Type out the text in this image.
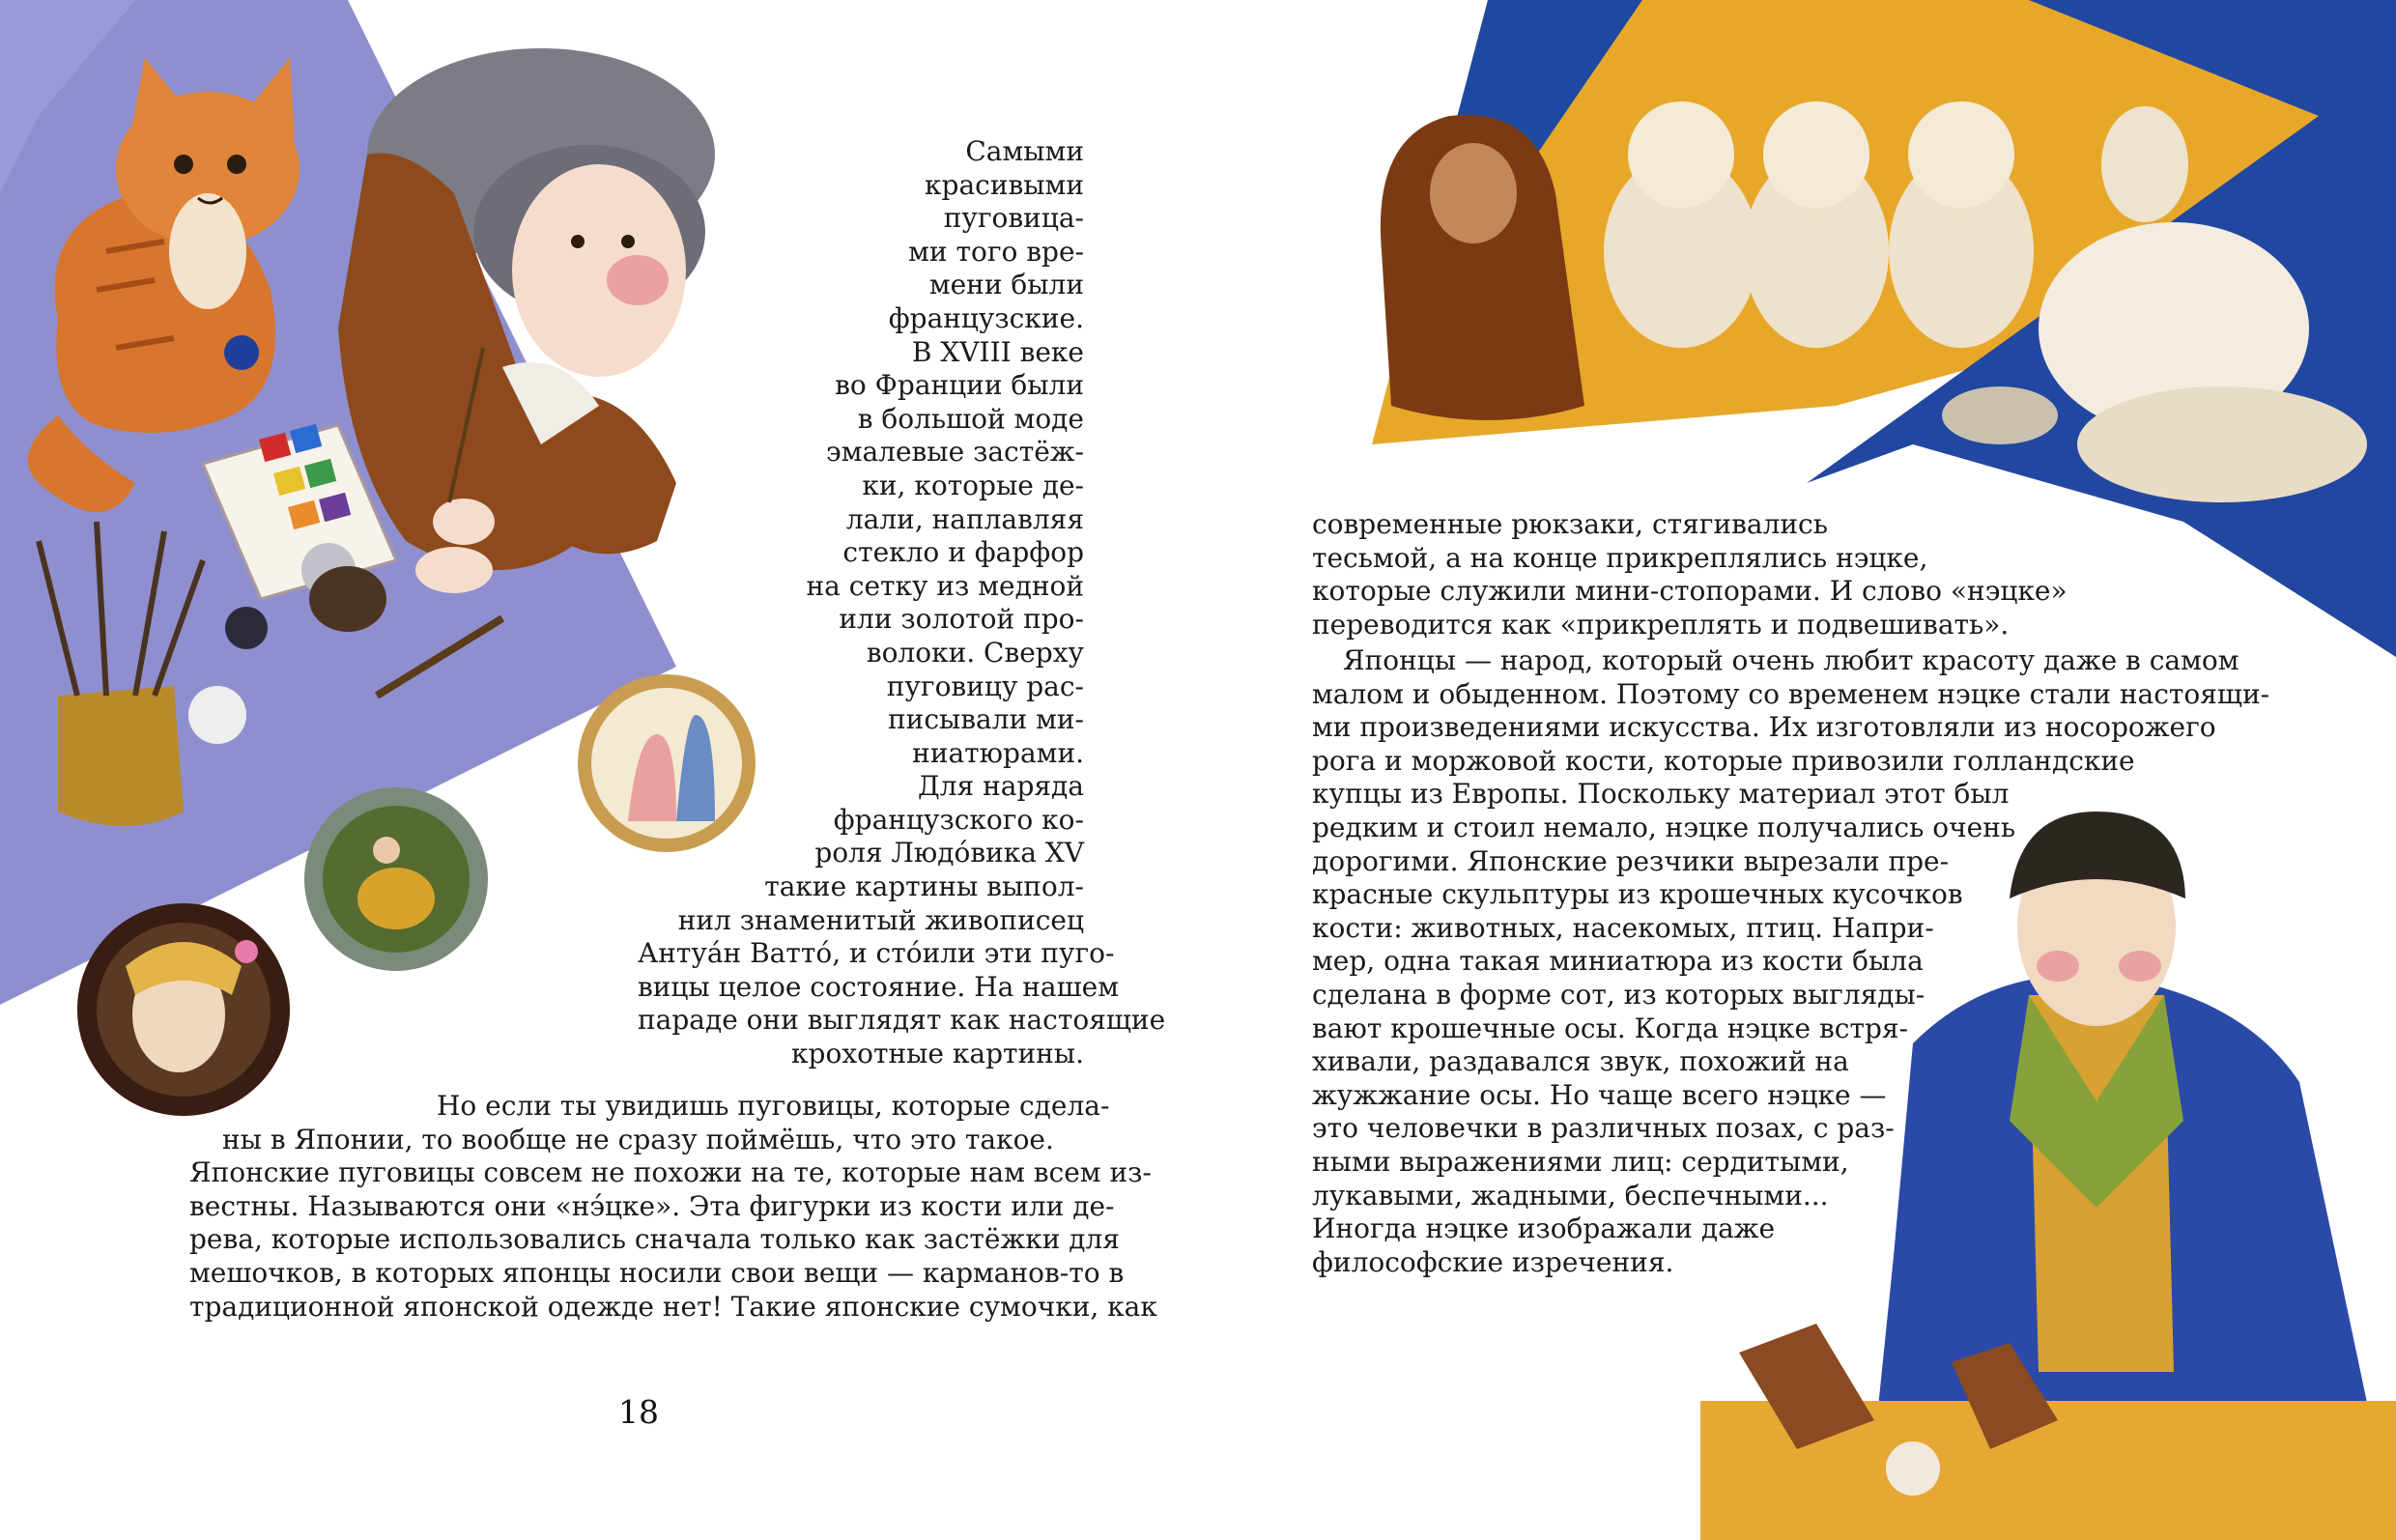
Самыми
красивыми
пуговица-
ми того вре-
мени были
французские.
В XVIII веке
во Франции были
в большой моде
эмалевые застёж-
ки, которые де-
лали, наплавляя
стекло и фарфор
на сетку из медной
или золотой про-
волоки. Сверху
пуговицу рас-
писывали ми-
ниатюрами.
Для наряда
французского ко-
роля Людо́вика XV
такие картины выпол-
нил знаменитый живописец
Антуа́н Ватто́, и сто́или эти пуго-
вицы целое состояние. На нашем
параде они выглядят как настоящие
крохотные картины.
Но если ты увидишь пуговицы, которые сдела-
ны в Японии, то вообще не сразу поймёшь, что это такое.
Японские пуговицы совсем не похожи на те, которые нам всем из-
вестны. Называются они «нэ́цке». Эта фигурки из кости или де-
рева, которые использовались сначала только как застёжки для
мешочков, в которых японцы носили свои вещи — карманов-то в
традиционной японской одежде нет! Такие японские сумочки, как
18
современные рюкзаки, стягивались
тесьмой, а на конце прикреплялись нэцке,
которые служили мини-стопорами. И слово «нэцке»
переводится как «прикреплять и подвешивать».
Японцы — народ, который очень любит красоту даже в самом
малом и обыденном. Поэтому со временем нэцке стали настоящи-
ми произведениями искусства. Их изготовляли из носорожего
рога и моржовой кости, которые привозили голландские
купцы из Европы. Поскольку материал этот был
редким и стоил немало, нэцке получались очень
дорогими. Японские резчики вырезали пре-
красные скульптуры из крошечных кусочков
кости: животных, насекомых, птиц. Напри-
мер, одна такая миниатюра из кости была
сделана в форме сот, из которых выгляды-
вают крошечные осы. Когда нэцке встря-
хивали, раздавался звук, похожий на
жужжание осы. Но чаще всего нэцке —
это человечки в различных позах, с раз-
ными выражениями лиц: сердитыми,
лукавыми, жадными, беспечными...
Иногда нэцке изображали даже
философские изречения.
